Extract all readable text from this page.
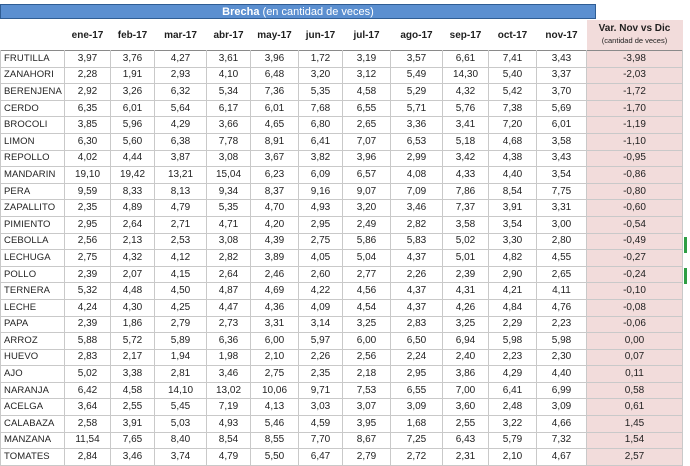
Brecha (en cantidad de veces)
	ene-17	feb-17	mar-17	abr-17	may-17	jun-17	jul-17	ago-17	sep-17	oct-17	nov-17	Var. Nov vs Dic
(cantidad de veces)

FRUTILLA	3,97	3,76	4,27	3,61	3,96	1,72	3,19	3,57	6,61	7,41	3,43	-3,98
ZANAHORI	2,28	1,91	2,93	4,10	6,48	3,20	3,12	5,49	14,30	5,40	3,37	-2,03
BERENJENA	2,92	3,26	6,32	5,34	7,36	5,35	4,58	5,29	4,32	5,42	3,70	-1,72
CERDO	6,35	6,01	5,64	6,17	6,01	7,68	6,55	5,71	5,76	7,38	5,69	-1,70
BROCOLI	3,85	5,96	4,29	3,66	4,65	6,80	2,65	3,36	3,41	7,20	6,01	-1,19
LIMON	6,30	5,60	6,38	7,78	8,91	6,41	7,07	6,53	5,18	4,68	3,58	-1,10
REPOLLO	4,02	4,44	3,87	3,08	3,67	3,82	3,96	2,99	3,42	4,38	3,43	-0,95
MANDARIN	19,10	19,42	13,21	15,04	6,23	6,09	6,57	4,08	4,33	4,40	3,54	-0,86
PERA	9,59	8,33	8,13	9,34	8,37	9,16	9,07	7,09	7,86	8,54	7,75	-0,80
ZAPALLITO	2,35	4,89	4,79	5,35	4,70	4,93	3,20	3,46	7,37	3,91	3,31	-0,60
PIMIENTO	2,95	2,64	2,71	4,71	4,20	2,95	2,49	2,82	3,58	3,54	3,00	-0,54
CEBOLLA	2,56	2,13	2,53	3,08	4,39	2,75	5,86	5,83	5,02	3,30	2,80	-0,49
LECHUGA	2,75	4,32	4,12	2,82	3,89	4,05	5,04	4,37	5,01	4,82	4,55	-0,27
POLLO	2,39	2,07	4,15	2,64	2,46	2,60	2,77	2,26	2,39	2,90	2,65	-0,24
TERNERA	5,32	4,48	4,50	4,87	4,69	4,22	4,56	4,37	4,31	4,21	4,11	-0,10
LECHE	4,24	4,30	4,25	4,47	4,36	4,09	4,54	4,37	4,26	4,84	4,76	-0,08
PAPA	2,39	1,86	2,79	2,73	3,31	3,14	3,25	2,83	3,25	2,29	2,23	-0,06
ARROZ	5,88	5,72	5,89	6,36	6,00	5,97	6,00	6,50	6,94	5,98	5,98	0,00
HUEVO	2,83	2,17	1,94	1,98	2,10	2,26	2,56	2,24	2,40	2,23	2,30	0,07
AJO	5,02	3,38	2,81	3,46	2,75	2,35	2,18	2,95	3,86	4,29	4,40	0,11
NARANJA	6,42	4,58	14,10	13,02	10,06	9,71	7,53	6,55	7,00	6,41	6,99	0,58
ACELGA	3,64	2,55	5,45	7,19	4,13	3,03	3,07	3,09	3,60	2,48	3,09	0,61
CALABAZA	2,58	3,91	5,03	4,93	5,46	4,59	3,95	1,68	2,55	3,22	4,66	1,45
MANZANA	11,54	7,65	8,40	8,54	8,55	7,70	8,67	7,25	6,43	5,79	7,32	1,54
TOMATES	2,84	3,46	3,74	4,79	5,50	6,47	2,79	2,72	2,31	2,10	4,67	2,57
